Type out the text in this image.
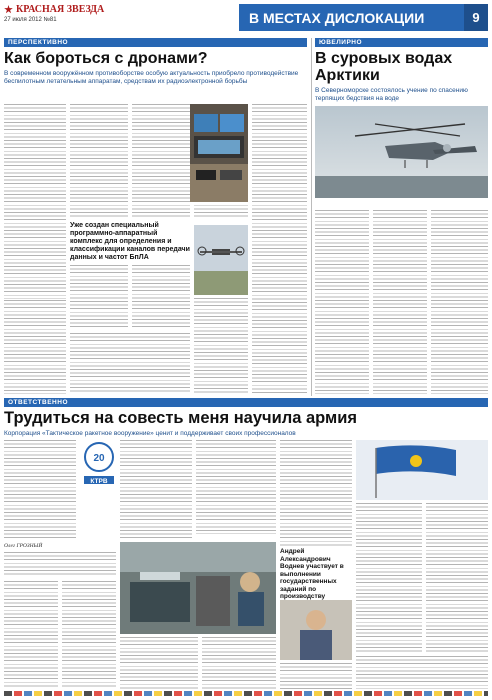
КРАСНАЯ ЗВЕЗДА
27 июля 2012 №81	В МЕСТАХ ДИСЛОКАЦИИ	9
ПЕРСПЕКТИВНО
Как бороться с дронами?
В современном вооружённом противоборстве особую актуальность приобрело противодействие беспилотным летательным аппаратам, средствам их радиоэлектронной борьбы
Уже создан специальный программно-аппаратный комплекс для определения и классификации каналов передачи данных и частот БпЛА
ЮВЕЛИРНО
В суровых водах Арктики
В Северноморске состоялось учение по спасению терпящих бедствия на воде
ОТВЕТСТВЕННО
Трудиться на совесть меня научила армия
Корпорация «Тактическое ракетное вооружение» ценит и поддерживает своих профессионалов
20
КТРВ
Олег ГРОЗНЫЙ
Андрей Александрович Воднев участвует в выполнении государственных заданий по производству
